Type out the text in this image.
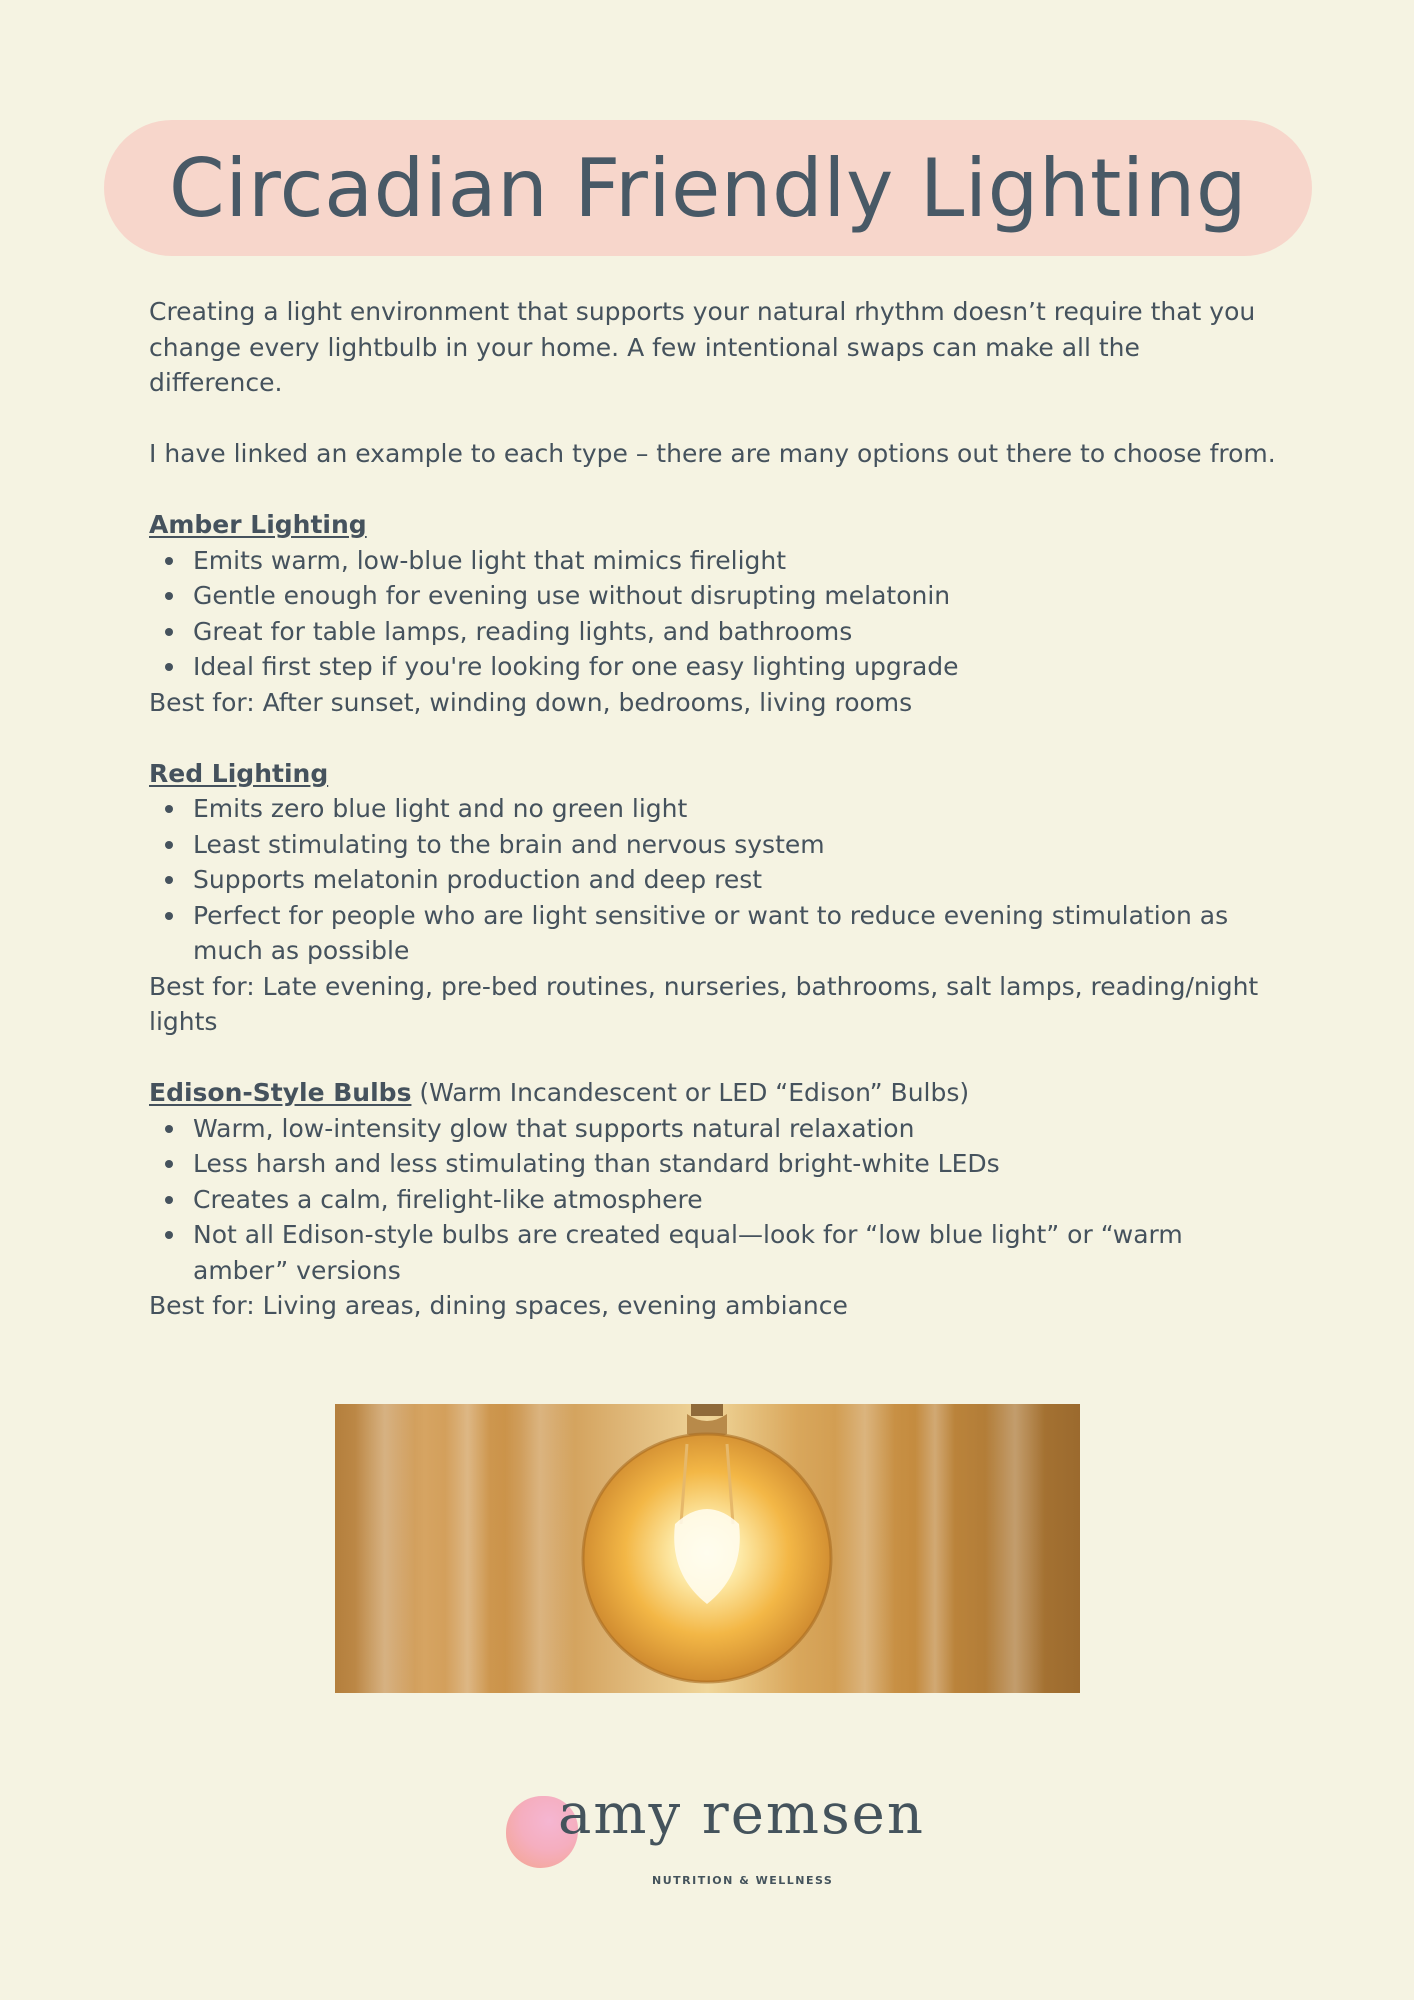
Circadian Friendly Lighting

Creating a light environment that supports your natural rhythm doesn’t require that you change every lightbulb in your home. A few intentional swaps can make all the difference.

I have linked an example to each type – there are many options out there to choose from.

Amber Lighting

Emits warm, low-blue light that mimics firelight
Gentle enough for evening use without disrupting melatonin
Great for table lamps, reading lights, and bathrooms
Ideal first step if you're looking for one easy lighting upgrade

Best for: After sunset, winding down, bedrooms, living rooms

Red Lighting

Emits zero blue light and no green light
Least stimulating to the brain and nervous system
Supports melatonin production and deep rest
Perfect for people who are light sensitive or want to reduce evening stimulation as much as possible

Best for: Late evening, pre-bed routines, nurseries, bathrooms, salt lamps, reading/night lights

Edison-Style Bulbs (Warm Incandescent or LED “Edison” Bulbs)

Warm, low-intensity glow that supports natural relaxation
Less harsh and less stimulating than standard bright-white LEDs
Creates a calm, firelight-like atmosphere
Not all Edison-style bulbs are created equal—look for “low blue light” or “warm amber” versions

Best for: Living areas, dining spaces, evening ambiance

amy remsen
NUTRITION & WELLNESS
